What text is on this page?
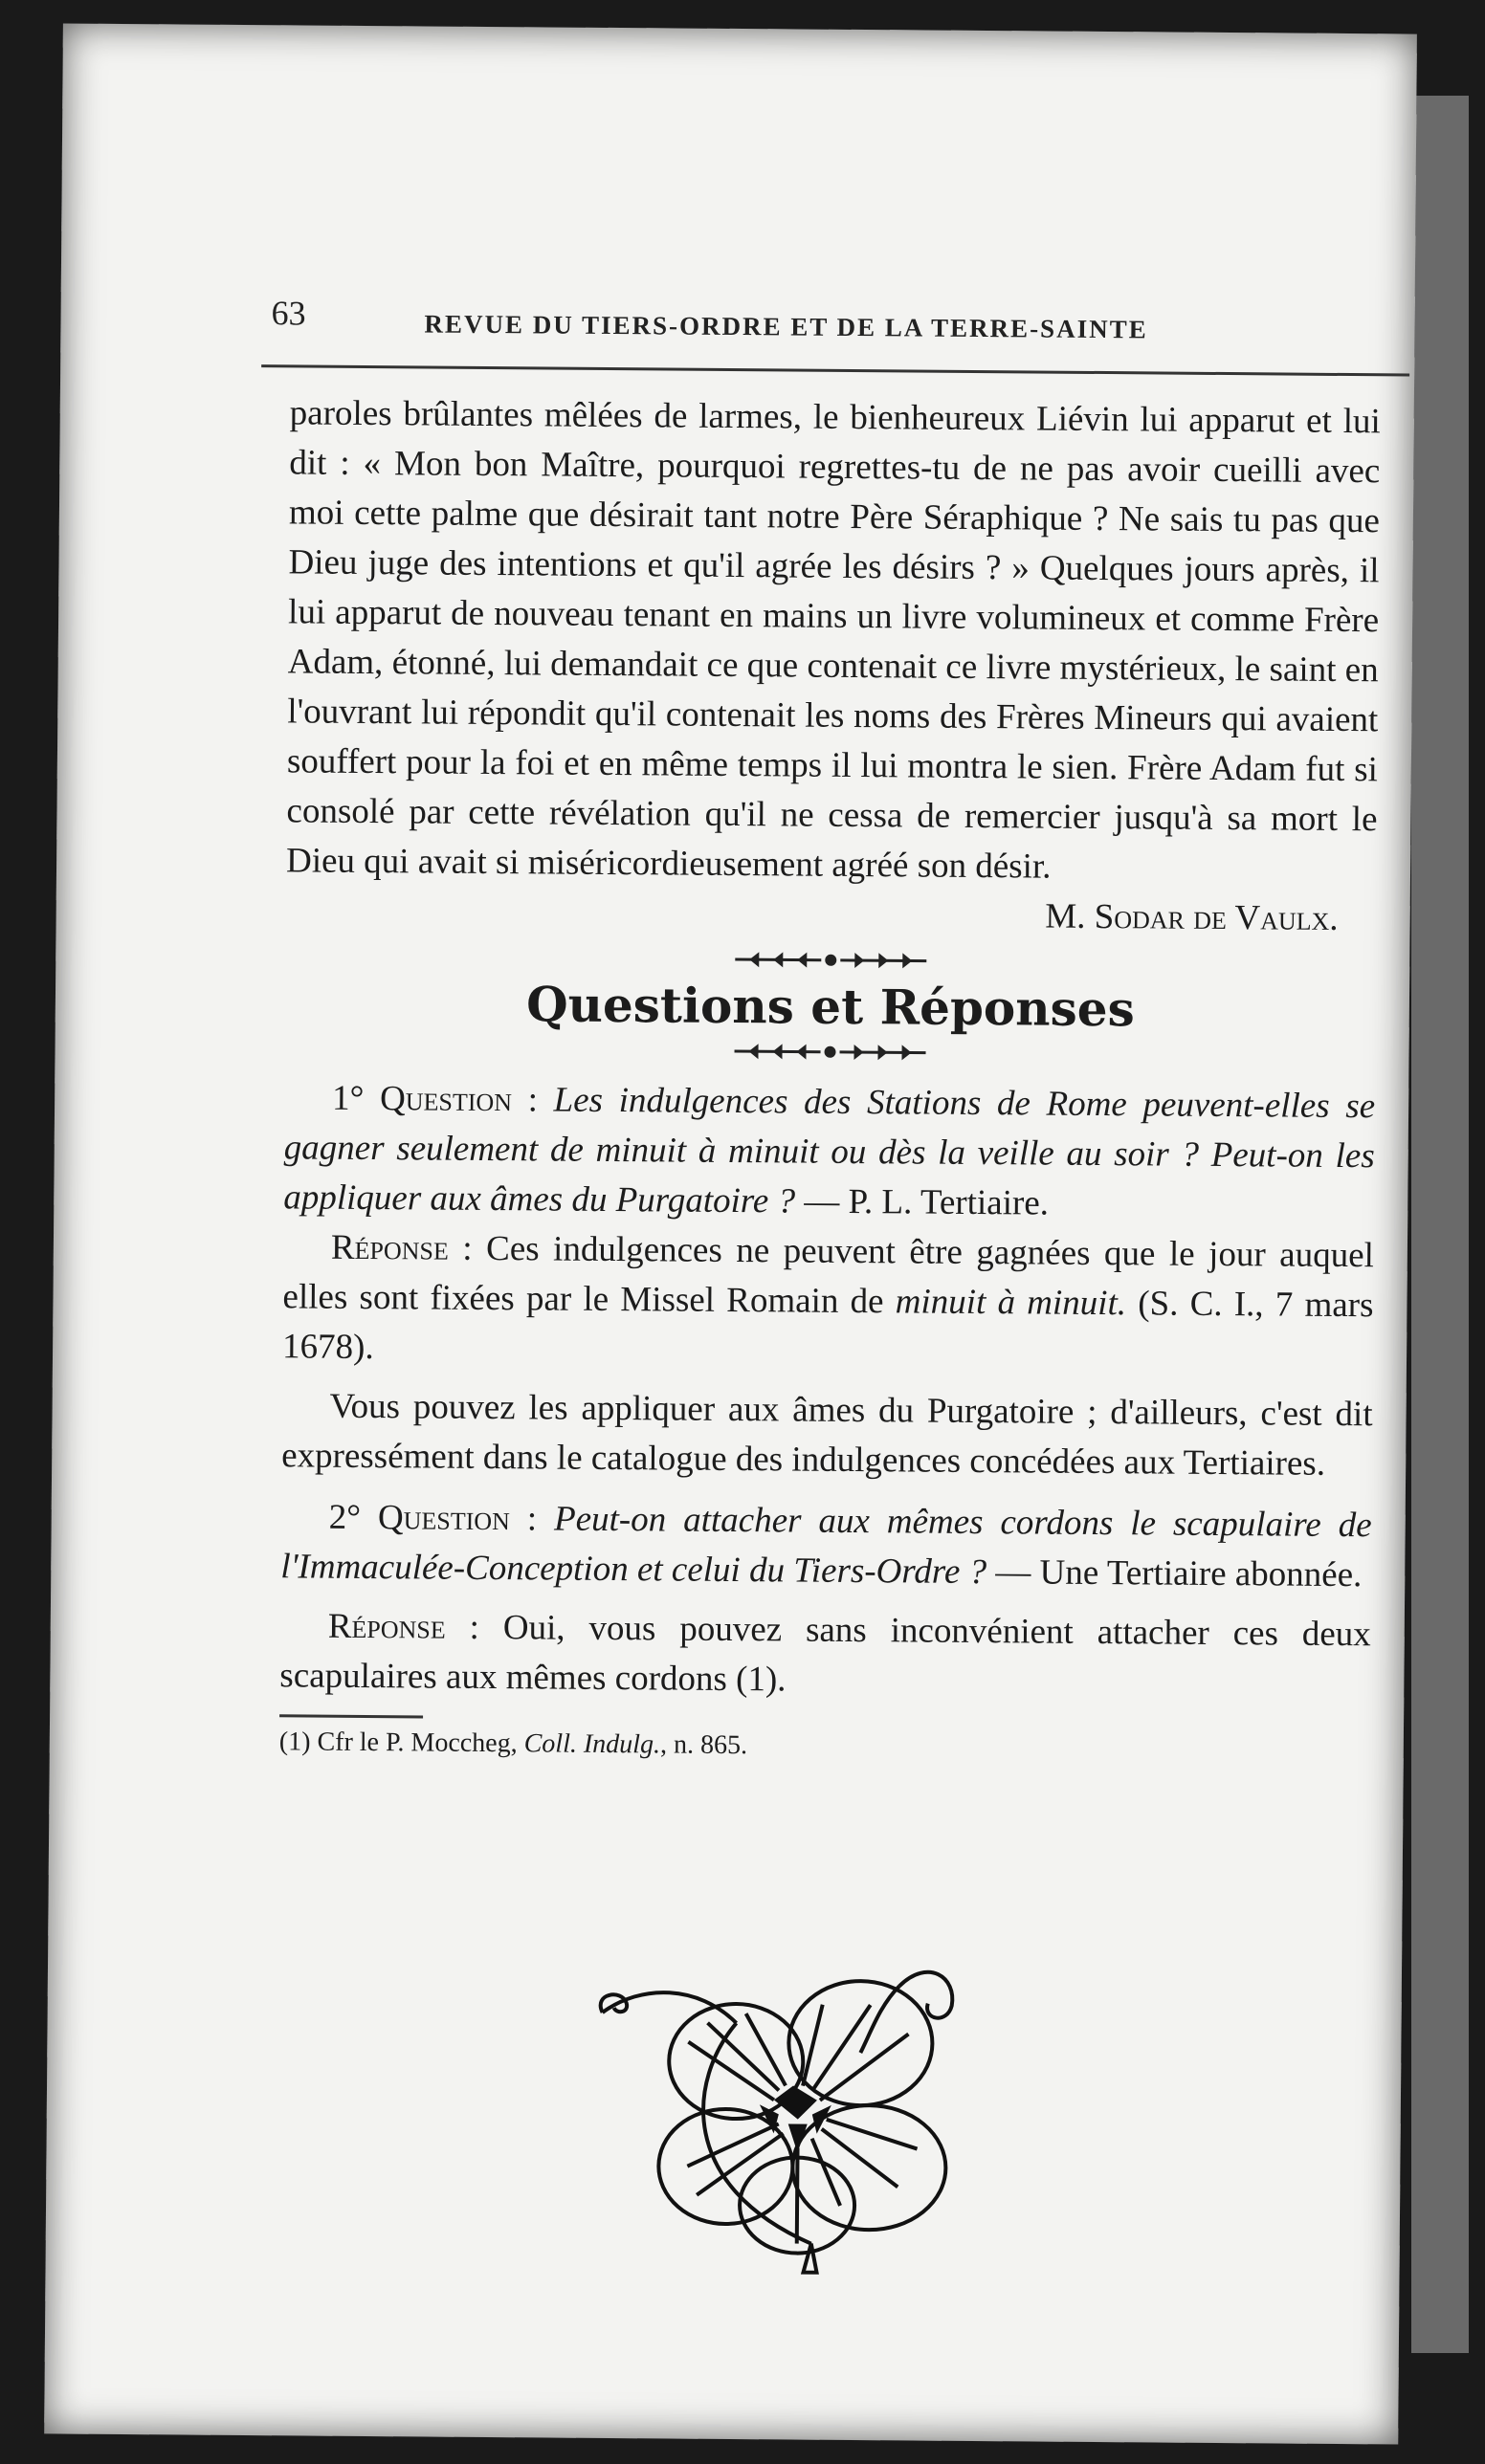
63	REVUE DU TIERS-ORDRE ET DE LA TERRE-SAINTE

paroles brûlantes mêlées de larmes, le bienheureux Liévin lui apparut et lui dit : « Mon bon Maître, pourquoi regrettes-tu de ne pas avoir cueilli avec moi cette palme que désirait tant notre Père Séraphique ? Ne sais tu pas que Dieu juge des intentions et qu'il agrée les désirs ? » Quelques jours après, il lui apparut de nouveau tenant en mains un livre volumineux et comme Frère Adam, étonné, lui demandait ce que contenait ce livre mystérieux, le saint en l'ouvrant lui répondit qu'il contenait les noms des Frères Mineurs qui avaient souffert pour la foi et en même temps il lui montra le sien. Frère Adam fut si consolé par cette révélation qu'il ne cessa de remercier jusqu'à sa mort le Dieu qui avait si miséricordieusement agréé son désir.

M. Sodar de Vaulx.

Questions et Réponses

1° Question : Les indulgences des Stations de Rome peuvent-elles se gagner seulement de minuit à minuit ou dès la veille au soir ? Peut-on les appliquer aux âmes du Purgatoire ? — P. L. Tertiaire.

Réponse : Ces indulgences ne peuvent être gagnées que le jour auquel elles sont fixées par le Missel Romain de minuit à minuit. (S. C. I., 7 mars 1678).

Vous pouvez les appliquer aux âmes du Purgatoire ; d'ailleurs, c'est dit expressément dans le catalogue des indulgences concédées aux Tertiaires.

2° Question : Peut-on attacher aux mêmes cordons le scapulaire de l'Immaculée-Conception et celui du Tiers-Ordre ? — Une Tertiaire abonnée.

Réponse : Oui, vous pouvez sans inconvénient attacher ces deux scapulaires aux mêmes cordons (1).

(1) Cfr le P. Moccheg, Coll. Indulg., n. 865.
